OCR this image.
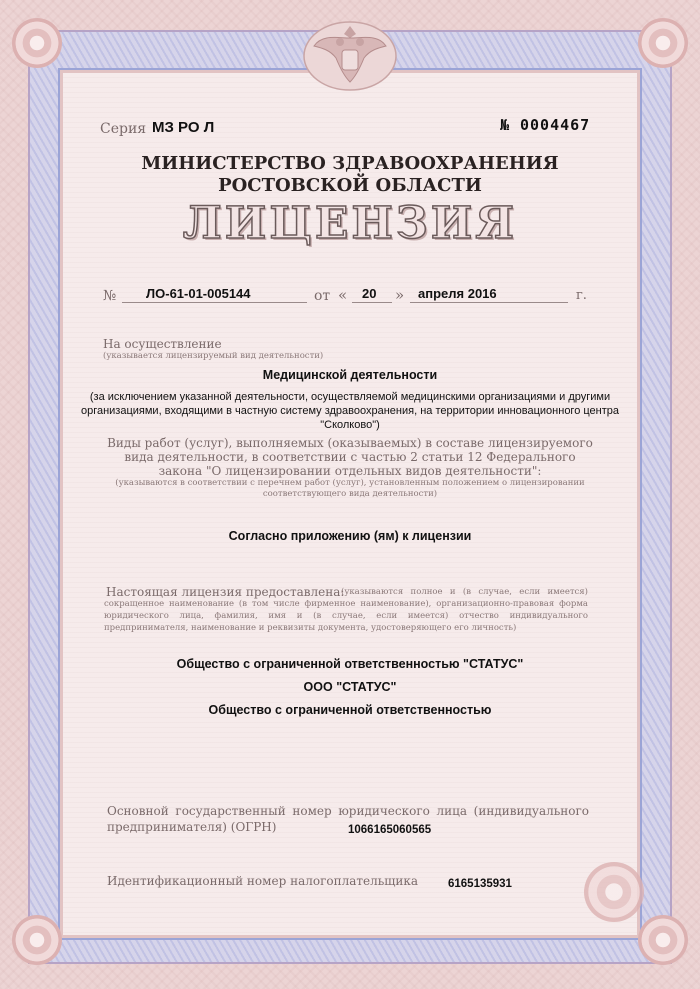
Серия МЗ РО Л	№ 0004467
МИНИСТЕРСТВО ЗДРАВООХРАНЕНИЯ
РОСТОВСКОЙ ОБЛАСТИ
ЛИЦЕНЗИЯ
№ ЛО-61-01-005144	от « 20 » апреля 2016	г.
На осуществление
(указывается лицензируемый вид деятельности)
Медицинской деятельности
(за исключением указанной деятельности, осуществляемой медицинскими организациями и другими организациями, входящими в частную систему здравоохранения, на территории инновационного центра "Сколково")
Виды работ (услуг), выполняемых (оказываемых) в составе лицензируемого вида деятельности, в соответствии с частью 2 статьи 12 Федерального закона "О лицензировании отдельных видов деятельности":
(указываются в соответствии с перечнем работ (услуг), установленным положением о лицензировании соответствующего вида деятельности)
Согласно приложению (ям) к лицензии
Настоящая лицензия предоставлена:
(указываются полное и (в случае, если имеется) сокращенное наименование (в том числе фирменное наименование), организационно-правовая форма юридического лица, фамилия, имя и (в случае, если имеется) отчество индивидуального предпринимателя, наименование и реквизиты документа, удостоверяющего его личность)
Общество с ограниченной ответственностью "СТАТУС"
ООО "СТАТУС"
Общество с ограниченной ответственностью
Основной государственный номер юридического лица (индивидуального предпринимателя) (ОГРН)	1066165060565
Идентификационный номер налогоплательщика	6165135931
